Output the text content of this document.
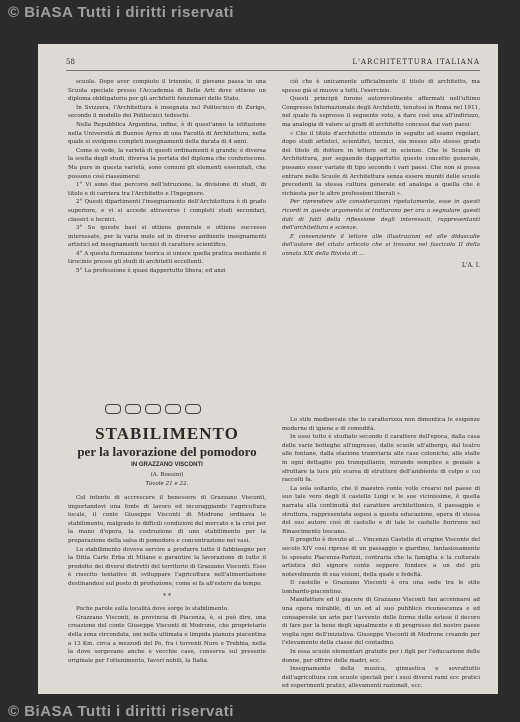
© BiASA Tutti i diritti riservati
58	L'ARCHITETTURA ITALIANA

scuola. Dopo aver compiuto il triennio, il giovane passa in una Scuola speciale presso l'Accademia di Belle Arti dove ottiene un diploma obbligatorio per gli architetti funzionari dello Stato.

In Svizzera, l'Architettura è insegnata nel Politecnico di Zurigo, secondo il modello dei Politecnici tedeschi.

Nella Repubblica Argentina, infine, è di quest'anno la istituzione nella Università di Buenos Ayres di una Facoltà di Architettura, nella quale si svolgono completi insegnamenti della durata di 4 anni.

Come si vede, la varietà di questi ordinamenti è grande; è diversa la scelta degli studi, diversa la portata del diploma che conferiscono. Ma pure in questa varietà, sono comuni gli elementi essenziali, che possono così riassumersi:

1° Vi sono due percorsi nell'istruzione, la divisione di studi, di titolo e di carriera tra l'Architetto e l'Ingegnere.

2° Questi dipartimenti l'insegnamento dell'Architettura è di grado superiore, e vi si accede attraverso i completi studi secondari, classici o tecnici.

3° Su queste basi si ottiene generale e ottiene successo interessate, per la varia mole ed in diverso ambiente insegnamenti artistici ed insegnamenti tecnici di carattere scientifico.

4° A questa formazione teorica si unisce quella pratica mediante il tirocinio presso gli studi di architetti eccellenti.

5° La professione è quasi dappertutto libera; ed anzi

ciò che è unicamente ufficialmente il titolo di architetto, ma spesso già si muove a tutti, l'esercizio.

Questi principii furono autorevolmente affermati nell'ultimo Congresso Internazionale degli Architetti, tenutosi in Roma nel 1911, nel quale fu espresso il seguente voto, a dare così una all'indirizzo, ma analogia di valore ai gradi di architetto concessi dai vari paesi:

« Che il titolo d'architetto ottenuto in seguito ad esami regolari, dopo studi artistici, scientifici, tecnici, sia messo allo stesso grado del titolo di dottore in lettere ed in scienze. Che le Scuole di Architettura, pur seguendo dappertutto questo concetto generale, possano esser variate di tipo secondo i vari paesi. Che non si possa entrare nelle Scuole di Architettura senza essere muniti delle scuole precedenti la stessa cultura generale ed analoga a quella che è richiesta per le altre professioni liberali ».

Per riprendere alle considerazioni ripetutamente, esse in questi ricordi in queste argomento si trattarono per ora a segnalare questi dati di fatti della riflessione degli interessati, rappresentanti dell'architettura e scienze.

E consenziente il lettore alle illustrazioni ed alle didascalie dell'autore del citato articolo che si trovano nel fascicolo II della annata XIX della Rivista di ...

L'A. I.
STABILIMENTO
per la lavorazione del pomodoro
IN GRAZZANO VISCONTI
(A. Boesini)
Tavole 21 e 22.

Col intento di accrescere il benessere di Grazzano Visconti, importandovi una fonte di lavoro ed incoraggiando l'agricoltura locale, il conte Giuseppe Visconti di Modrone ordinava lo stabilimento, malgrado le difficili condizioni del mercato e la crisi per la mano d'opera, la costruzione di uno stabilimento per la preparazione della salsa di pomodoro e concentrazione nei vasi.

Lo stabilimento doveva servire a produrre tutto il fabbisogno per la Ditta Carlo Erba di Milano e garantire la lavorazione di tutto il prodotto dei diversi distretti del territorio di Grazzano Visconti. Esso è riuscito tentativo di sviluppare l'agricoltura nell'alimentazione destinandosi sul posto di produzione, come si fa all'estero da tempo.

* *

Poche parole sulla località dove sorge lo stabilimento.

Grazzano Visconti, in provincia di Piacenza, è, si può dire, una creazione del conte Giuseppe Visconti di Modrone, che proprietario della zona circondata, uni nella ultimata e limpida pianura piacentina a 13 Km. circa a mezzodì del Po, fra i torrenti Nure e Trebbia, nella la dove sorgevano anche e vecchie case, conserva sul presente originale per l'ottenimento, favori nobili, la Italia.

Lo stile medioevale che lo caratterizza non dimentica le esigenze moderne di igiene e di comodità.

In esso tutto è studiato secondo il carattere dell'epoca, dalla casa delle varie botteghe all'ingresso, dalle scuole all'albergo, dal teatro alle fontane, dalla stazione tramviaria alle case coloniche, alle stalle in ogni dettaglio più tranquillante, mirando semplice e geniale a sfruttare la luce più scarsa di strutture dell'ambiente di colpo e coi raccolti fa.

La sola soltanto, che il maestro conte volle crearsi nel paese di suo tale vero degli il castello Luigi e le sue vicinissime, è quella narrata alla continuità del carattere architettonico, il paesaggio e struttura, rappresentata ospesi a questa educazione, opera di stessa del suo autore così di castello e di tale lo castello fiorirono nel Rinascimento toscano.

Il progetto è dovuto al ... Vincenzo Castello di origine Visconte del secolo XIV così riprese di un passaggio e giardino, fantasiosamente lo sposato Piacenza-Parizzi, contraria che la famiglia e la culturale artistica del signore conte seppero fondere a un del più notevolmente di sua visioni, della quale e fedeltà.

Il castello e Grazzano Visconti è ora una sede tra le stile lombardo-piacentino.

Manifatture ed il piacere di Grazzano Visconti fan accennarsi ad una opera mirabile, di un ed al suo pubblico riconoscenza e ed consapevole un arte per l'avvento delle forme delle estese il decoro di fare per la bene degli ugualmente e di progresso del nostro paese voglia ogni dell'iniziativa. Giuseppe Visconti di Modrone creando per l'elevamento della classe del contadino.

In essa scuole elementari gratuite per i figli per l'educazione delle donne, per offrire delle madri, ecc.

Insegnamento della musica, ginnastica e sovrattutto dell'agricoltura con scuole speciali per i suoi diversi rami ecc pratici ed esperimenti pratici, allevamenti razionali, ecc.

© BiASA Tutti i diritti riservati
